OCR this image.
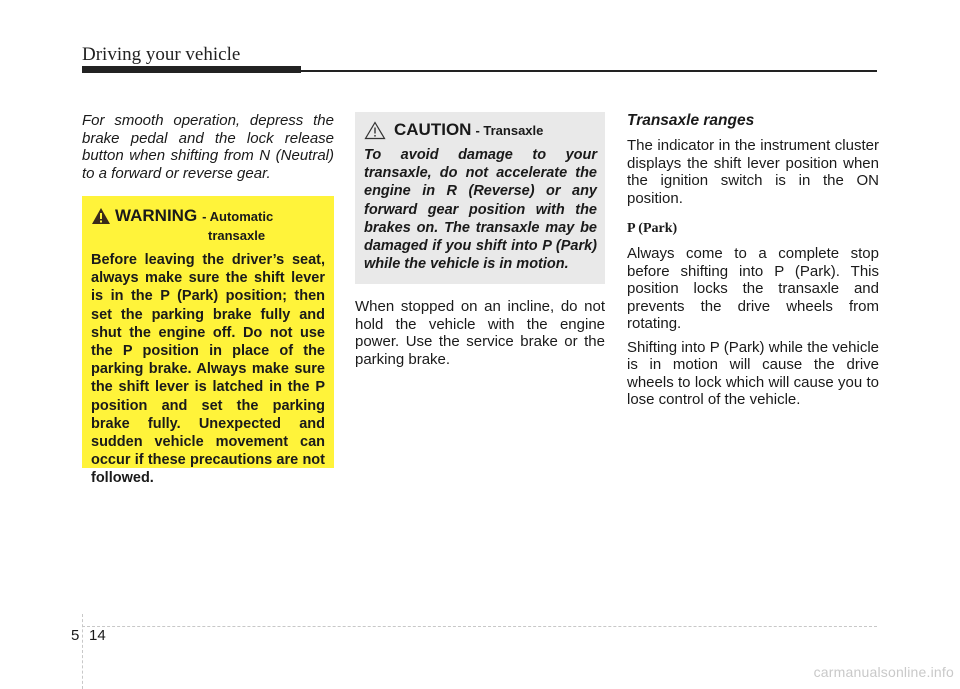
Driving your vehicle

For smooth operation, depress the brake pedal and the lock release button when shifting from N (Neutral) to a forward or reverse gear.

WARNING - Automatic
transaxle

Before leaving the driver’s seat, always make sure the shift lever is in the P (Park) position; then set the parking brake fully and shut the engine off. Do not use the P position in place of the parking brake. Always make sure the shift lever is latched in the P position and set the parking brake fully. Unexpected and sudden vehicle movement can occur if these precautions are not followed.

CAUTION - Transaxle

To avoid damage to your transaxle, do not accelerate the engine in R (Reverse) or any forward gear position with the brakes on. The transaxle may be damaged if you shift into P (Park) while the vehicle is in motion.

When stopped on an incline, do not hold the vehicle with the engine power. Use the service brake or the parking brake.

Transaxle ranges

The indicator in the instrument cluster displays the shift lever position when the ignition switch is in the ON position.

P (Park)

Always come to a complete stop before shifting into P (Park). This position locks the transaxle and prevents the drive wheels from rotating.

Shifting into P (Park) while the vehicle is in motion will cause the drive wheels to lock which will cause you to lose control of the vehicle.

5 14
carmanualsonline.info
